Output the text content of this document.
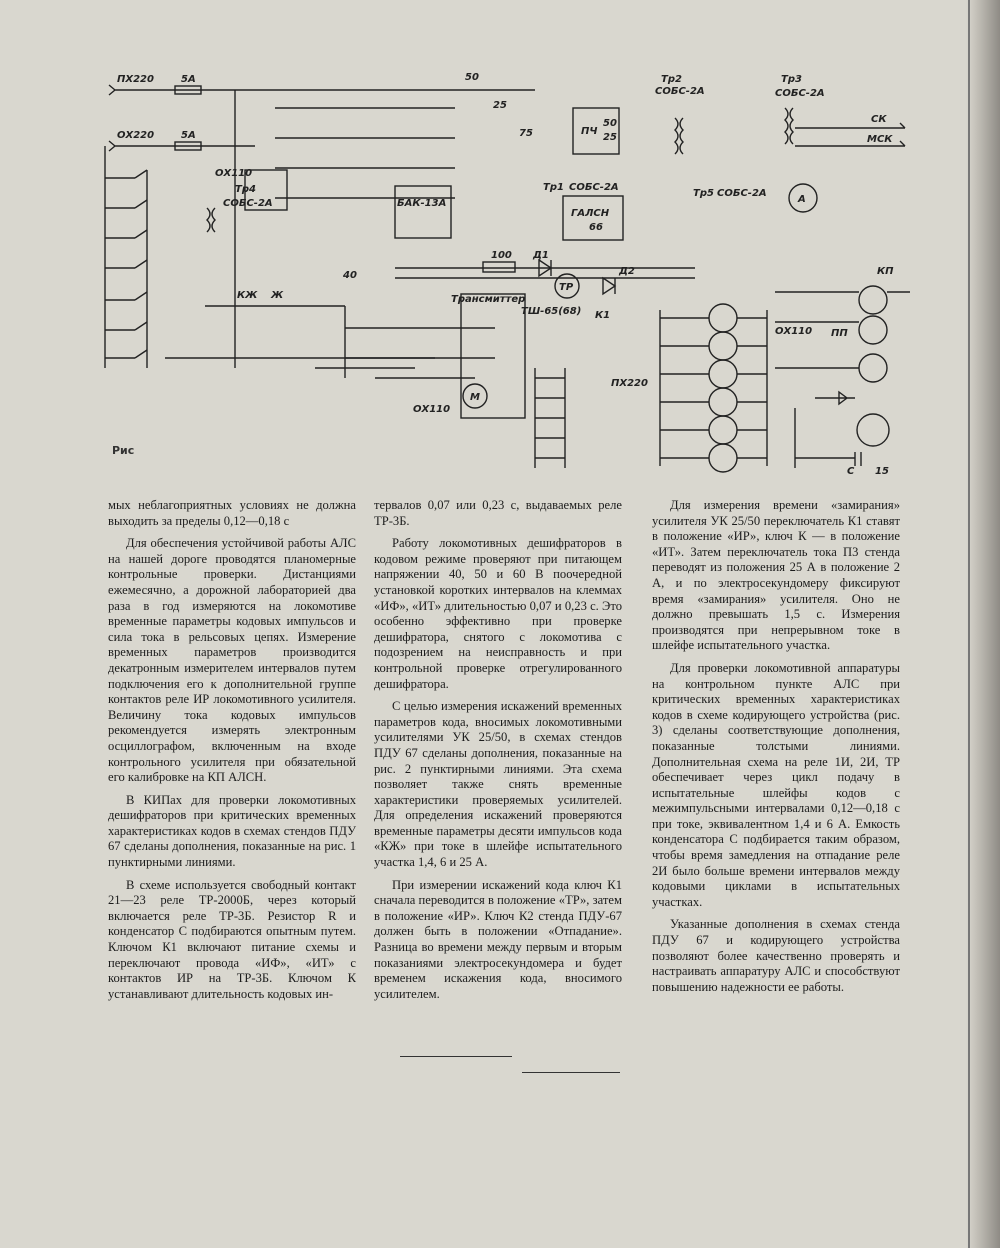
ПХ220
ОХ220
5А
5А
СК
МСК
Тр2
СОБС-2А
Тр3
СОБС-2А
Тр4
СОБС-2А
Тр1 СОБС-2А
Тр5 СОБС-2А
ПЧ
50
25
ГАЛСН
66
БАК-13А
Трансмиттер
ТШ-65(68)
ТР
М
А
ОХ110
ОХ110
ОХ110
ПХ220
КП
ПП
С 15
Д1
Д2
100
40
КЖ Ж
К1
50
25
75
Рис

мых неблагоприятных условиях не должна выходить за пределы 0,12—0,18 с

Для обеспечения устойчивой работы АЛС на нашей дороге проводятся планомерные контрольные проверки. Дистанциями ежемесячно, а дорожной лабораторией два раза в год измеряются на локомотиве временные параметры кодовых импульсов и сила тока в рельсовых цепях. Измерение временных параметров производится декатронным измерителем интервалов путем подключения его к дополнительной группе контактов реле ИР локомотивного усилителя. Величину тока кодовых импульсов рекомендуется измерять электронным осциллографом, включенным на входе контрольного усилителя при обязательной его калибровке на КП АЛСН.

В КИПах для проверки локомотивных дешифраторов при критических временных характеристиках кодов в схемах стендов ПДУ 67 сделаны дополнения, показанные на рис. 1 пунктирными линиями.

В схеме используется свободный контакт 21—23 реле ТР-2000Б, через который включается реле ТР-3Б. Резистор R и конденсатор С подбираются опытным путем. Ключом К1 включают питание схемы и переключают провода «ИФ», «ИТ» с контактов ИР на ТР-3Б. Ключом К устанавливают длительность кодовых ин-

тервалов 0,07 или 0,23 с, выдаваемых реле ТР-3Б.

Работу локомотивных дешифраторов в кодовом режиме проверяют при питающем напряжении 40, 50 и 60 В поочередной установкой коротких интервалов на клеммах «ИФ», «ИТ» длительностью 0,07 и 0,23 с. Это особенно эффективно при проверке дешифратора, снятого с локомотива с подозрением на неисправность и при контрольной проверке отрегулированного дешифратора.

С целью измерения искажений временных параметров кода, вносимых локомотивными усилителями УК 25/50, в схемах стендов ПДУ 67 сделаны дополнения, показанные на рис. 2 пунктирными линиями. Эта схема позволяет также снять временные характеристики проверяемых усилителей. Для определения искажений проверяются временные параметры десяти импульсов кода «КЖ» при токе в шлейфе испытательного участка 1,4, 6 и 25 А.

При измерении искажений кода ключ К1 сначала переводится в положение «ТР», затем в положение «ИР». Ключ К2 стенда ПДУ-67 должен быть в положении «Отпадание». Разница во времени между первым и вторым показаниями электросекундомера и будет временем искажения кода, вносимого усилителем.

Для измерения времени «замирания» усилителя УК 25/50 переключатель К1 ставят в положение «ИР», ключ К — в положение «ИТ». Затем переключатель тока П3 стенда переводят из положения 25 А в положение 2 А, и по электросекундомеру фиксируют время «замирания» усилителя. Оно не должно превышать 1,5 с. Измерения производятся при непрерывном токе в шлейфе испытательного участка.

Для проверки локомотивной аппаратуры на контрольном пункте АЛС при критических временных характеристиках кодов в схеме кодирующего устройства (рис. 3) сделаны соответствующие дополнения, показанные толстыми линиями. Дополнительная схема на реле 1И, 2И, ТР обеспечивает через цикл подачу в испытательные шлейфы кодов с межимпульсными интервалами 0,12—0,18 с при токе, эквивалентном 1,4 и 6 А. Емкость конденсатора С подбирается таким образом, чтобы время замедления на отпадание реле 2И было больше времени интервалов между кодовыми циклами в испытательных участках.

Указанные дополнения в схемах стенда ПДУ 67 и кодирующего устройства позволяют более качественно проверять и настраивать аппаратуру АЛС и способствуют повышению надежности ее работы.
